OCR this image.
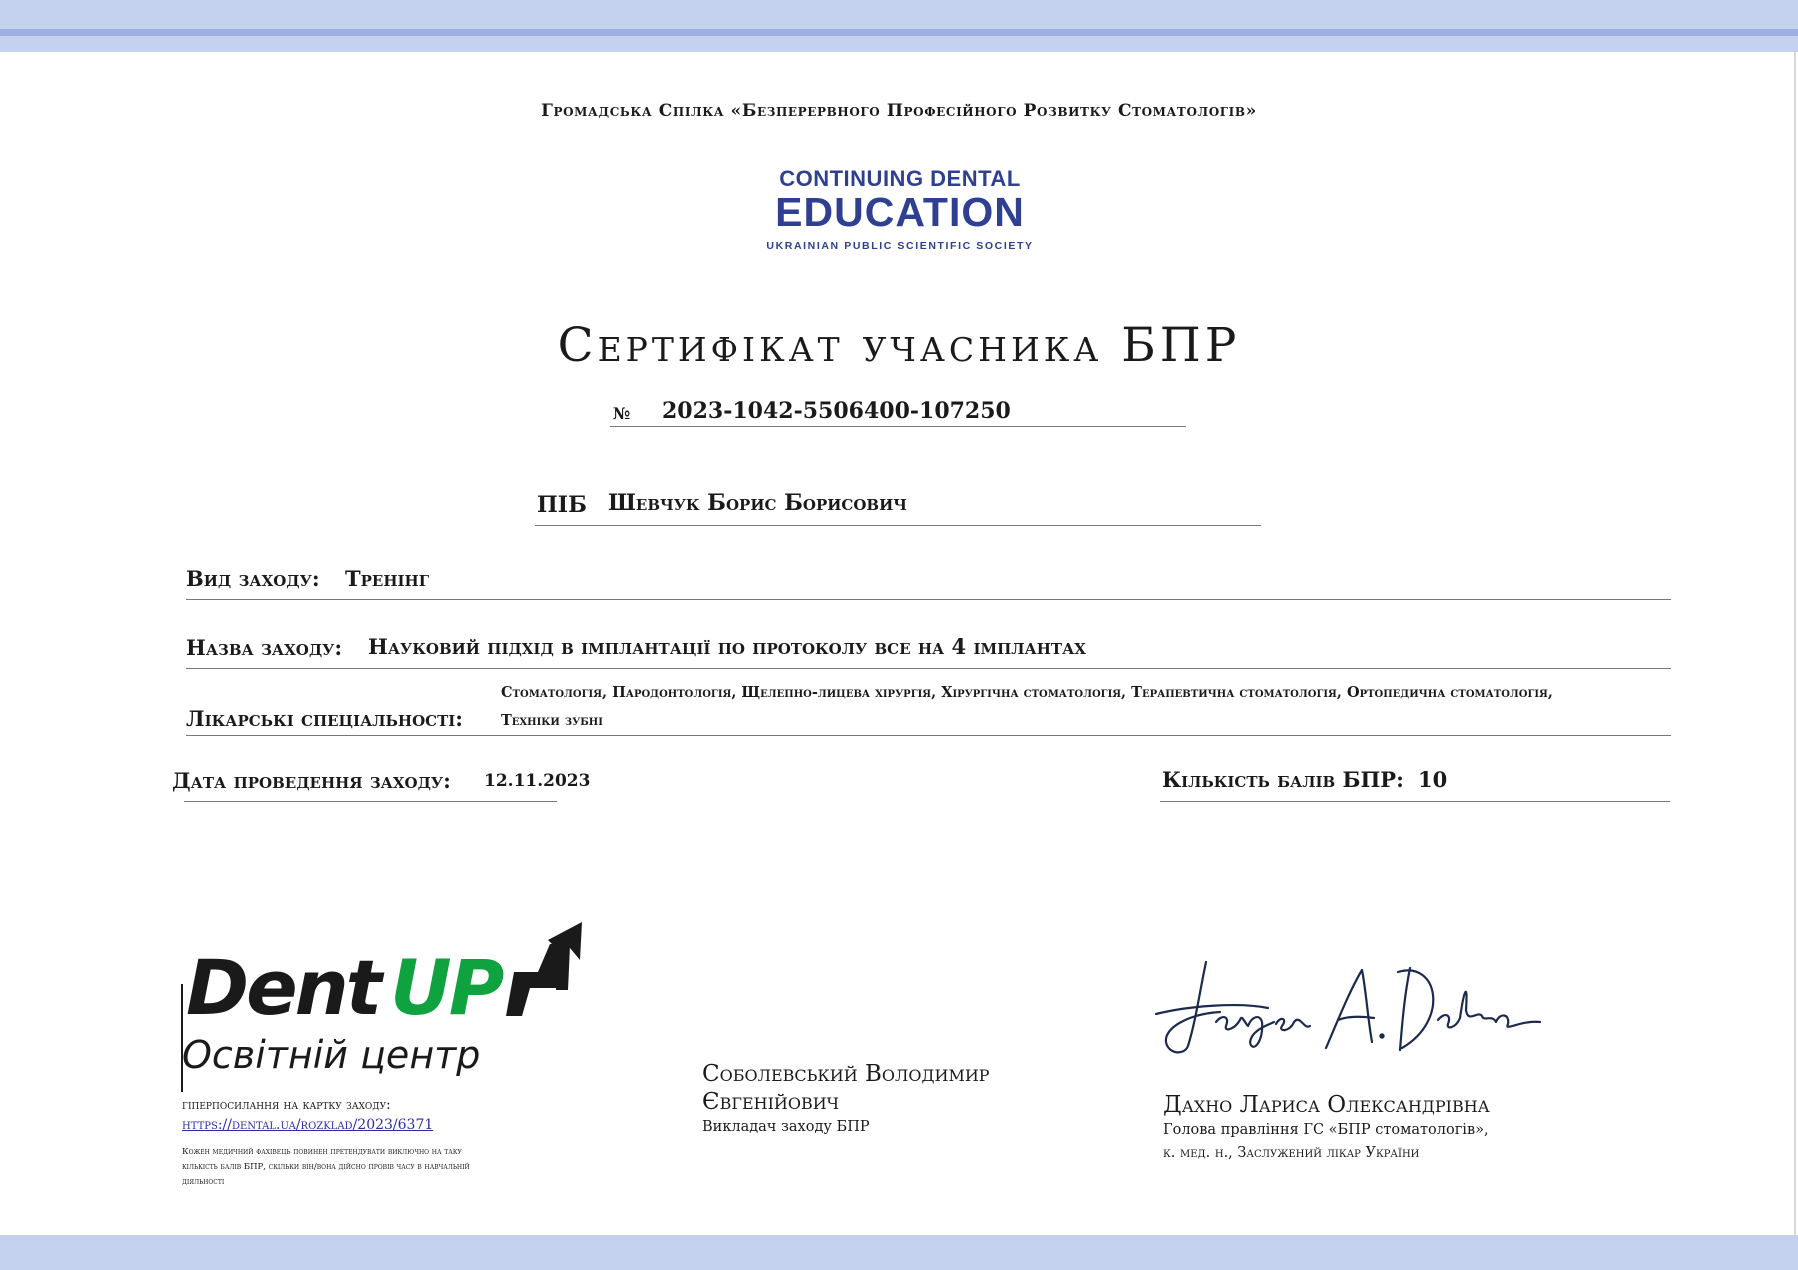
Громадська Спілка «Безперервного Професійного Розвитку Стоматологів»
CONTINUING DENTAL
EDUCATION
UKRAINIAN PUBLIC SCIENTIFIC SOCIETY
Сертифікат учасника БПР
№ 2023-1042-5506400-107250
ПІБ Шевчук Борис Борисович
Вид заходу: Тренінг
Назва заходу: Науковий підхід в імплантації по протоколу все на 4 імплантах
Стоматологія, Пародонтологія, Щелепно-лицева хірургія, Хірургічна стоматологія, Терапевтична стоматологія, Ортопедична стоматологія,
Лікарські спеціальності:	Техніки зубні
Дата проведення заходу: 12.11.2023	Кількість балів БПР: 10
Dent UP
Освітній центр
гіперпосилання на картку заходу:
https://dental.ua/rozklad/2023/6371
Кожен медичний фахівець повинен претендувати виключно на таку кількість балів БПР, скільки він/вона дійсно провів часу в навчальній діяльності
Соболевський Володимир
Євгенійович
Викладач заходу БПР
Larysa A. Dakhno
Дахно Лариса Олександрівна
Голова правління ГС «БПР стоматологів»,
к. мед. н., Заслужений лікар України
